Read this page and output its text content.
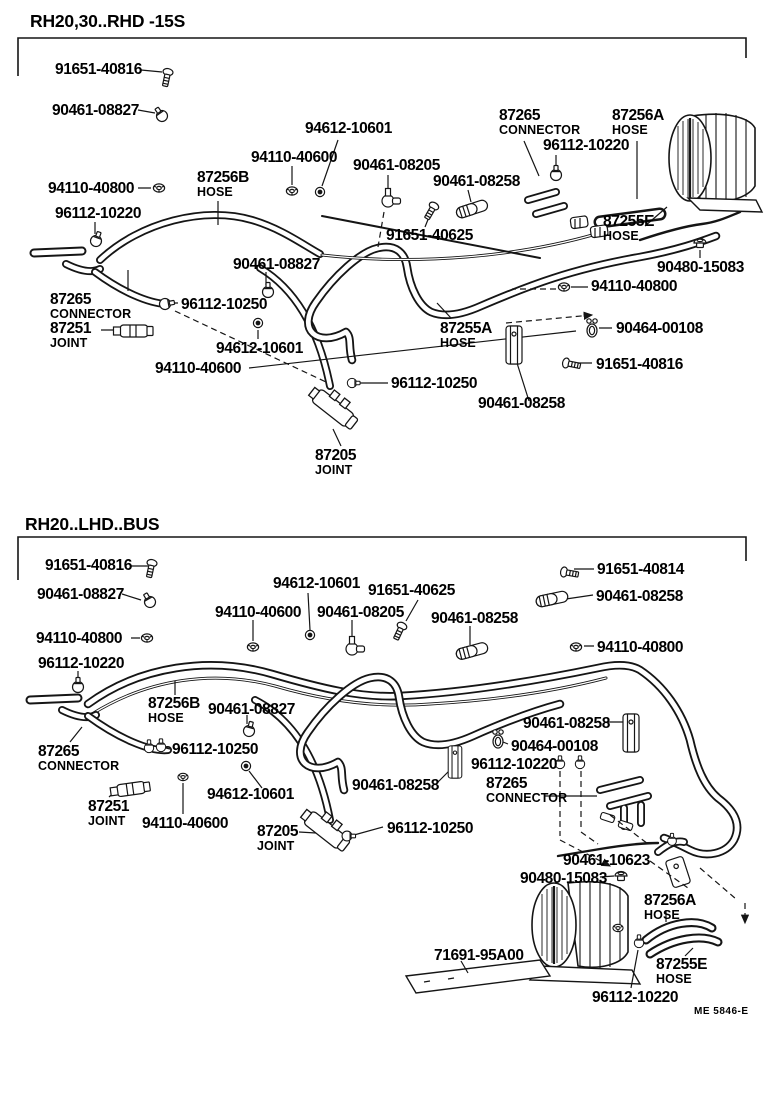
RH20,30..RHD -15S
RH20..LHD..BUS
91651-40816
90461-08827
94612-10601
94110-40600 90461-08205
90461-08258
87265
CONNECTOR
96112-10220
87256A
HOSE
94110-40800
96112-10220
87256B
HOSE
91651-40625
87255E
HOSE
90461-08827	90480-15083
94110-40800
87265
CONNECTOR
96112-10250
90464-00108
87251
JOINT	94612-10601
91651-40816
87255A
HOSE
94110-40600
96112-10250
90461-08258
87205
JOINT
91651-40816
90461-08827
94612-10601 91651-40625
94110-40600 90461-08205 90461-08258
91651-40814
90461-08258
94110-40800
96112-10220
94110-40800
87256B
HOSE	90461-08827
96112-10250
87265
CONNECTOR
90461-08258
90464-00108
96112-10220
87265
CONNECTOR
90461-08258
87251
JOINT
94612-10601
94110-40600 87205
JOINT
96112-10250
90461-10623
90480-15083
87256A
HOSE
71691-95A00
87255E
HOSE
96112-10220
ME 5846-E
